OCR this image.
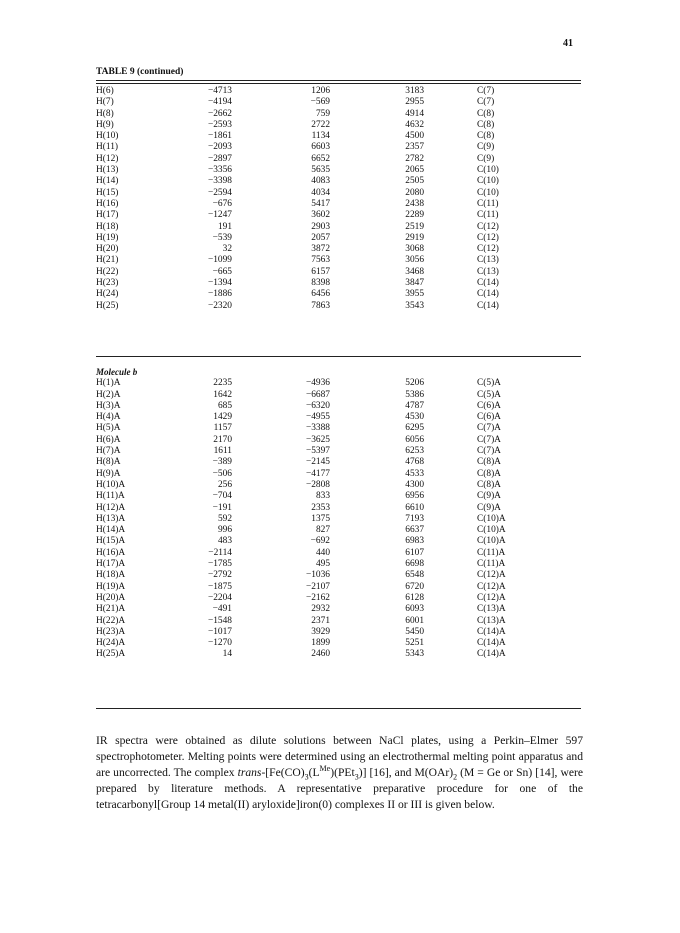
41
TABLE 9 (continued)
H(6)	−4713	1206	3183	C(7)
H(7)	−4194	−569	2955	C(7)
H(8)	−2662	759	4914	C(8)
H(9)	−2593	2722	4632	C(8)
H(10)	−1861	1134	4500	C(8)
H(11)	−2093	6603	2357	C(9)
H(12)	−2897	6652	2782	C(9)
H(13)	−3356	5635	2065	C(10)
H(14)	−3398	4083	2505	C(10)
H(15)	−2594	4034	2080	C(10)
H(16)	−676	5417	2438	C(11)
H(17)	−1247	3602	2289	C(11)
H(18)	191	2903	2519	C(12)
H(19)	−539	2057	2919	C(12)
H(20)	32	3872	3068	C(12)
H(21)	−1099	7563	3056	C(13)
H(22)	−665	6157	3468	C(13)
H(23)	−1394	8398	3847	C(14)
H(24)	−1886	6456	3955	C(14)
H(25)	−2320	7863	3543	C(14)
Molecule b
H(1)A	2235	−4936	5206	C(5)A
H(2)A	1642	−6687	5386	C(5)A
H(3)A	685	−6320	4787	C(6)A
H(4)A	1429	−4955	4530	C(6)A
H(5)A	1157	−3388	6295	C(7)A
H(6)A	2170	−3625	6056	C(7)A
H(7)A	1611	−5397	6253	C(7)A
H(8)A	−389	−2145	4768	C(8)A
H(9)A	−506	−4177	4533	C(8)A
H(10)A	256	−2808	4300	C(8)A
H(11)A	−704	833	6956	C(9)A
H(12)A	−191	2353	6610	C(9)A
H(13)A	592	1375	7193	C(10)A
H(14)A	996	827	6637	C(10)A
H(15)A	483	−692	6983	C(10)A
H(16)A	−2114	440	6107	C(11)A
H(17)A	−1785	495	6698	C(11)A
H(18)A	−2792	−1036	6548	C(12)A
H(19)A	−1875	−2107	6720	C(12)A
H(20)A	−2204	−2162	6128	C(12)A
H(21)A	−491	2932	6093	C(13)A
H(22)A	−1548	2371	6001	C(13)A
H(23)A	−1017	3929	5450	C(14)A
H(24)A	−1270	1899	5251	C(14)A
H(25)A	14	2460	5343	C(14)A
IR spectra were obtained as dilute solutions between NaCl plates, using a Perkin–Elmer 597 spectrophotometer. Melting points were determined using an electrothermal melting point apparatus and are uncorrected. The complex trans-$[Fe(CO)_3(L^{Me})(PEt_3)]$ [16], and $M(OAr)_2$ (M = Ge or Sn) [14], were prepared by literature methods. A representative preparative procedure for one of the tetracarbonyl[Group 14 metal(II) aryloxide]iron(0) complexes II or III is given below.
